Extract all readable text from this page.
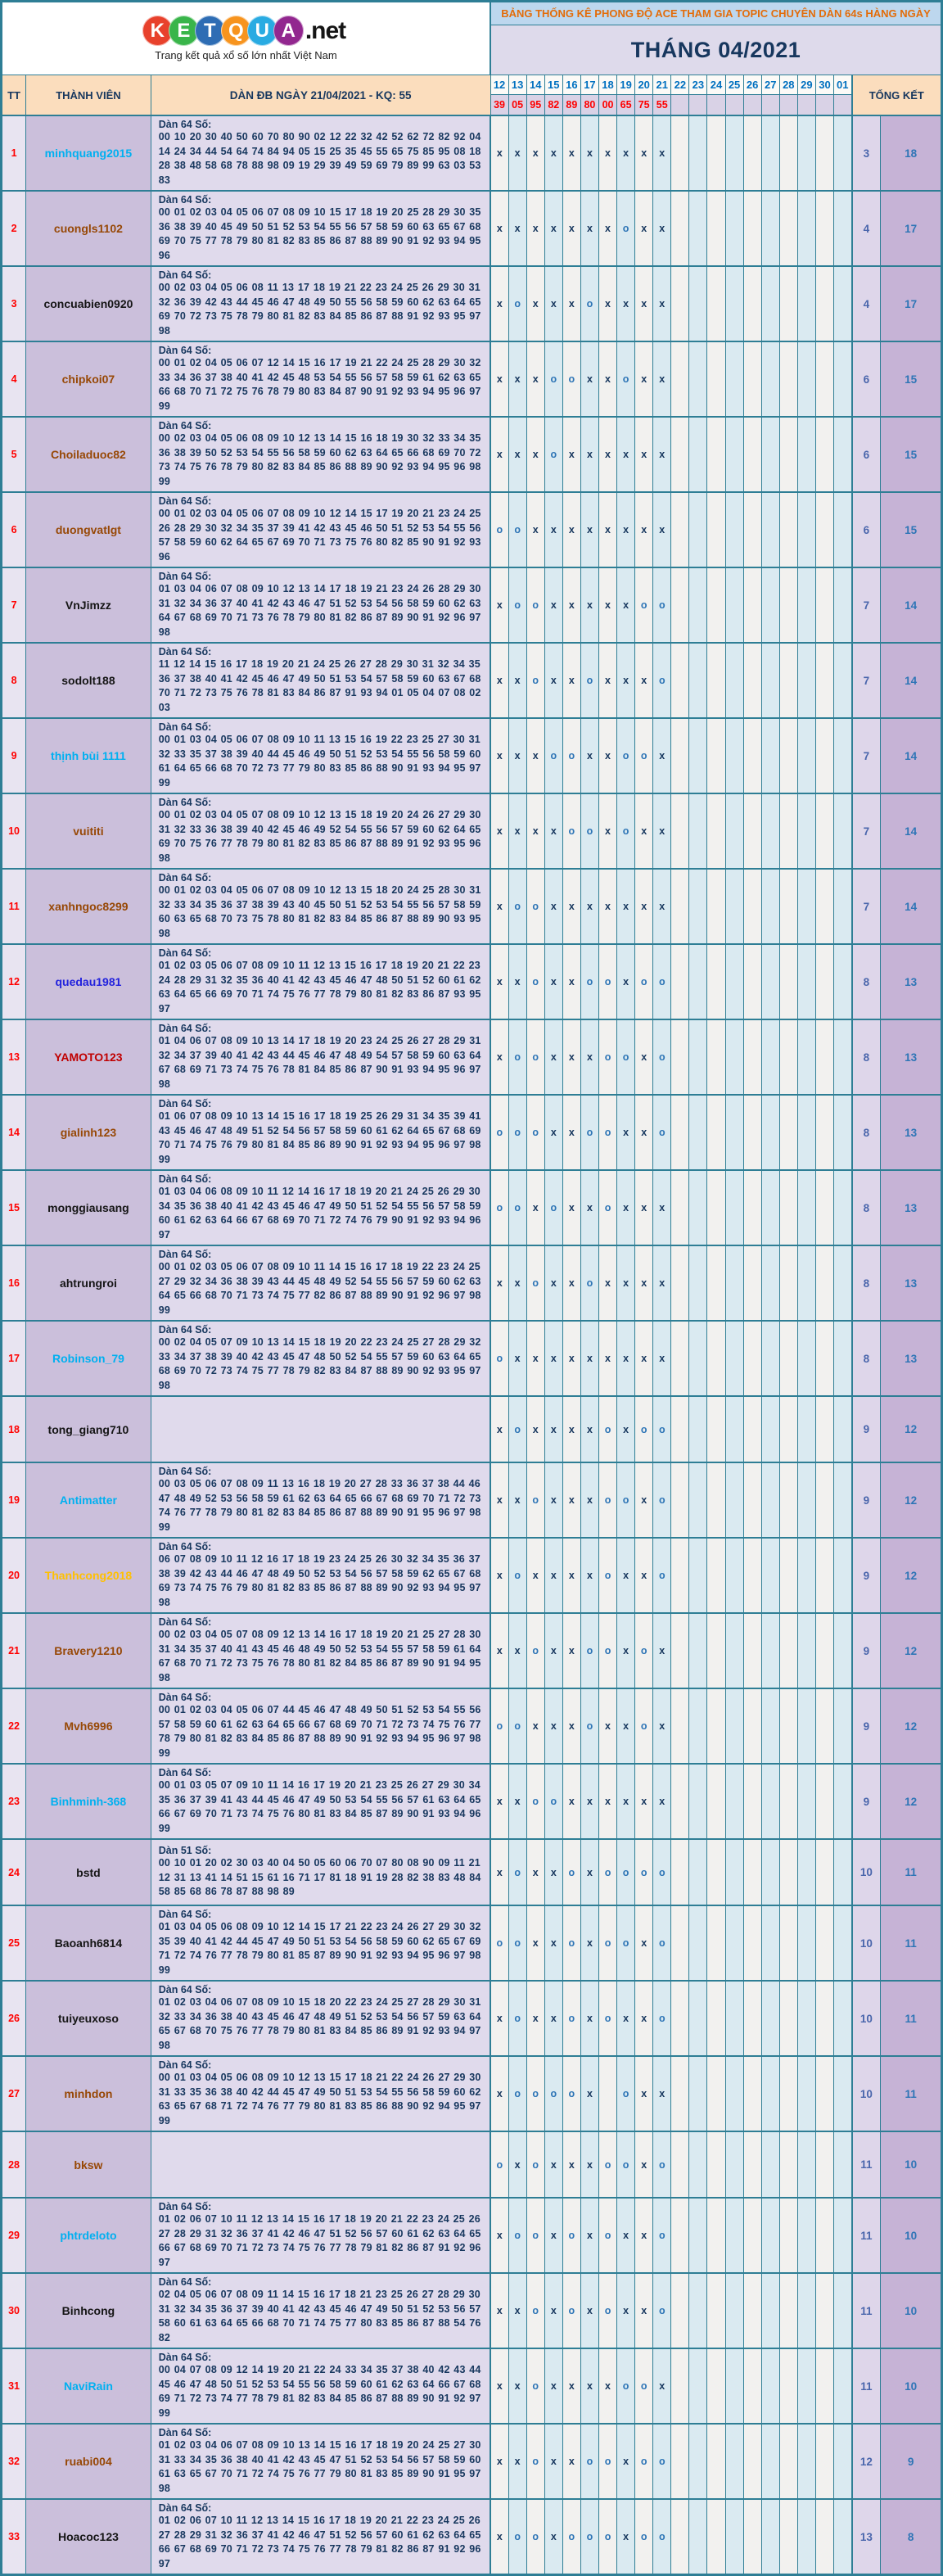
K E T Q U A .net
Trang kết quả xổ số lớn nhất Việt Nam
	BẢNG THỐNG KÊ PHONG ĐỘ ACE THAM GIA TOPIC CHUYÊN DÀN 64s HÀNG NGÀY
			THÁNG 04/2021																					
TT	THÀNH VIÊN	DÀN ĐB NGÀY 21/04/2021 - KQ: 55	12	13	14	15	16	17	18	19	20	21	22	23	24	25	26	27	28	29	30	01	TỔNG KẾT	
			39	05	95	82	89	80	00	65	75	55												
1	minhquang2015	Dàn 64 Số:
00 10 20 30 40 50 60 70 80 90 02 12 22 32 42 52 62 72 82 92 04 14 24 34 44 54 64 74 84 94 05 15 25 35 45 55 65 75 85 95 08 18 28 38 48 58 68 78 88 98 09 19 29 39 49 59 69 79 89 99 63 03 53 83	x	x	x	x	x	x	x	x	x	x											3	18
2	cuongls1102	Dàn 64 Số:
00 01 02 03 04 05 06 07 08 09 10 15 17 18 19 20 25 28 29 30 35 36 38 39 40 45 49 50 51 52 53 54 55 56 57 58 59 60 63 65 67 68 69 70 75 77 78 79 80 81 82 83 85 86 87 88 89 90 91 92 93 94 95 96	x	x	x	x	x	x	x	o	x	x											4	17
3	concuabien0920	Dàn 64 Số:
00 02 03 04 05 06 08 11 13 17 18 19 21 22 23 24 25 26 29 30 31 32 36 39 42 43 44 45 46 47 48 49 50 55 56 58 59 60 62 63 64 65 69 70 72 73 75 78 79 80 81 82 83 84 85 86 87 88 91 92 93 95 97 98	x	o	x	x	x	o	x	x	x	x											4	17
4	chipkoi07	Dàn 64 Số:
00 01 02 04 05 06 07 12 14 15 16 17 19 21 22 24 25 28 29 30 32 33 34 36 37 38 40 41 42 45 48 53 54 55 56 57 58 59 61 62 63 65 66 68 70 71 72 75 76 78 79 80 83 84 87 90 91 92 93 94 95 96 97 99	x	x	x	o	o	x	x	o	x	x											6	15
5	Choiladuoc82	Dàn 64 Số:
00 02 03 04 05 06 08 09 10 12 13 14 15 16 18 19 30 32 33 34 35 36 38 39 50 52 53 54 55 56 58 59 60 62 63 64 65 66 68 69 70 72 73 74 75 76 78 79 80 82 83 84 85 86 88 89 90 92 93 94 95 96 98 99	x	x	x	o	x	x	x	x	x	x											6	15
6	duongvatlgt	Dàn 64 Số:
00 01 02 03 04 05 06 07 08 09 10 12 14 15 17 19 20 21 23 24 25 26 28 29 30 32 34 35 37 39 41 42 43 45 46 50 51 52 53 54 55 56 57 58 59 60 62 64 65 67 69 70 71 73 75 76 80 82 85 90 91 92 93 96	o	o	x	x	x	x	x	x	x	x											6	15
7	VnJimzz	Dàn 64 Số:
01 03 04 06 07 08 09 10 12 13 14 17 18 19 21 23 24 26 28 29 30 31 32 34 36 37 40 41 42 43 46 47 51 52 53 54 56 58 59 60 62 63 64 67 68 69 70 71 73 76 78 79 80 81 82 86 87 89 90 91 92 96 97 98	x	o	o	x	x	x	x	x	o	o											7	14
8	sodolt188	Dàn 64 Số:
11 12 14 15 16 17 18 19 20 21 24 25 26 27 28 29 30 31 32 34 35 36 37 38 40 41 42 45 46 47 49 50 51 53 54 57 58 59 60 63 67 68 70 71 72 73 75 76 78 81 83 84 86 87 91 93 94 01 05 04 07 08 02 03	x	x	o	x	x	o	x	x	x	o											7	14
9	thịnh bùi 1111	Dàn 64 Số:
00 01 03 04 05 06 07 08 09 10 11 13 15 16 19 22 23 25 27 30 31 32 33 35 37 38 39 40 44 45 46 49 50 51 52 53 54 55 56 58 59 60 61 64 65 66 68 70 72 73 77 79 80 83 85 86 88 90 91 93 94 95 97 99	x	x	x	o	o	x	x	o	o	x											7	14
10	vuititi	Dàn 64 Số:
00 01 02 03 04 05 07 08 09 10 12 13 15 18 19 20 24 26 27 29 30 31 32 33 36 38 39 40 42 45 46 49 52 54 55 56 57 59 60 62 64 65 69 70 75 76 77 78 79 80 81 82 83 85 86 87 88 89 91 92 93 95 96 98	x	x	x	x	o	o	x	o	x	x											7	14
11	xanhngoc8299	Dàn 64 Số:
00 01 02 03 04 05 06 07 08 09 10 12 13 15 18 20 24 25 28 30 31 32 33 34 35 36 37 38 39 43 40 45 50 51 52 53 54 55 56 57 58 59 60 63 65 68 70 73 75 78 80 81 82 83 84 85 86 87 88 89 90 93 95 98	x	o	o	x	x	x	x	x	x	x											7	14
12	quedau1981	Dàn 64 Số:
01 02 03 05 06 07 08 09 10 11 12 13 15 16 17 18 19 20 21 22 23 24 28 29 31 32 35 36 40 41 42 43 45 46 47 48 50 51 52 60 61 62 63 64 65 66 69 70 71 74 75 76 77 78 79 80 81 82 83 86 87 93 95 97	x	x	o	x	x	o	o	x	o	o											8	13
13	YAMOTO123	Dàn 64 Số:
01 04 06 07 08 09 10 13 14 17 18 19 20 23 24 25 26 27 28 29 31 32 34 37 39 40 41 42 43 44 45 46 47 48 49 54 57 58 59 60 63 64 67 68 69 71 73 74 75 76 78 81 84 85 86 87 90 91 93 94 95 96 97 98	x	o	o	x	x	x	o	o	x	o											8	13
14	gialinh123	Dàn 64 Số:
01 06 07 08 09 10 13 14 15 16 17 18 19 25 26 29 31 34 35 39 41 43 45 46 47 48 49 51 52 54 56 57 58 59 60 61 62 64 65 67 68 69 70 71 74 75 76 79 80 81 84 85 86 89 90 91 92 93 94 95 96 97 98 99	o	o	o	x	x	o	o	x	x	o											8	13
15	monggiausang	Dàn 64 Số:
01 03 04 06 08 09 10 11 12 14 16 17 18 19 20 21 24 25 26 29 30 34 35 36 38 40 41 42 43 45 46 47 49 50 51 52 54 55 56 57 58 59 60 61 62 63 64 66 67 68 69 70 71 72 74 76 79 90 91 92 93 94 96 97	o	o	x	o	x	x	o	x	x	x											8	13
16	ahtrungroi	Dàn 64 Số:
00 01 02 03 05 06 07 08 09 10 11 14 15 16 17 18 19 22 23 24 25 27 29 32 34 36 38 39 43 44 45 48 49 52 54 55 56 57 59 60 62 63 64 65 66 68 70 71 73 74 75 77 82 86 87 88 89 90 91 92 96 97 98 99	x	x	o	x	x	o	x	x	x	x											8	13
17	Robinson_79	Dàn 64 Số:
00 02 04 05 07 09 10 13 14 15 18 19 20 22 23 24 25 27 28 29 32 33 34 37 38 39 40 42 43 45 47 48 50 52 54 55 57 59 60 63 64 65 68 69 70 72 73 74 75 77 78 79 82 83 84 87 88 89 90 92 93 95 97 98	o	x	x	x	x	x	x	x	x	x											8	13
18	tong_giang710		x	o	x	x	x	x	o	x	o	o											9	12
19	Antimatter	Dàn 64 Số:
00 03 05 06 07 08 09 11 13 16 18 19 20 27 28 33 36 37 38 44 46 47 48 49 52 53 56 58 59 61 62 63 64 65 66 67 68 69 70 71 72 73 74 76 77 78 79 80 81 82 83 84 85 86 87 88 89 90 91 95 96 97 98 99	x	x	o	x	x	x	o	o	x	o											9	12
20	Thanhcong2018	Dàn 64 Số:
06 07 08 09 10 11 12 16 17 18 19 23 24 25 26 30 32 34 35 36 37 38 39 42 43 44 46 47 48 49 50 52 53 54 56 57 58 59 62 65 67 68 69 73 74 75 76 79 80 81 82 83 85 86 87 88 89 90 92 93 94 95 97 98	x	o	x	x	x	x	o	x	x	o											9	12
21	Bravery1210	Dàn 64 Số:
00 02 03 04 05 07 08 09 12 13 14 16 17 18 19 20 21 25 27 28 30 31 34 35 37 40 41 43 45 46 48 49 50 52 53 54 55 57 58 59 61 64 67 68 70 71 72 73 75 76 78 80 81 82 84 85 86 87 89 90 91 94 95 98	x	x	o	x	x	o	o	x	o	x											9	12
22	Mvh6996	Dàn 64 Số:
00 01 02 03 04 05 06 07 44 45 46 47 48 49 50 51 52 53 54 55 56 57 58 59 60 61 62 63 64 65 66 67 68 69 70 71 72 73 74 75 76 77 78 79 80 81 82 83 84 85 86 87 88 89 90 91 92 93 94 95 96 97 98 99	o	o	x	x	x	o	x	x	o	x											9	12
23	Binhminh-368	Dàn 64 Số:
00 01 03 05 07 09 10 11 14 16 17 19 20 21 23 25 26 27 29 30 34 35 36 37 39 41 43 44 45 46 47 49 50 53 54 55 56 57 61 63 64 65 66 67 69 70 71 73 74 75 76 80 81 83 84 85 87 89 90 91 93 94 96 99	x	x	o	o	x	x	x	x	x	x											9	12
24	bstd	Dàn 51 Số:
00 10 01 20 02 30 03 40 04 50 05 60 06 70 07 80 08 90 09 11 21 12 31 13 41 14 51 15 61 16 71 17 81 18 91 19 28 82 38 83 48 84 58 85 68 86 78 87 88 98 89	x	o	x	x	o	x	o	o	o	o											10	11
25	Baoanh6814	Dàn 64 Số:
01 03 04 05 06 08 09 10 12 14 15 17 21 22 23 24 26 27 29 30 32 35 39 40 41 42 44 45 47 49 50 51 53 54 56 58 59 60 62 65 67 69 71 72 74 76 77 78 79 80 81 85 87 89 90 91 92 93 94 95 96 97 98 99	o	o	x	x	o	x	o	o	x	o											10	11
26	tuiyeuxoso	Dàn 64 Số:
01 02 03 04 06 07 08 09 10 15 18 20 22 23 24 25 27 28 29 30 31 32 33 34 36 38 40 43 45 46 47 48 49 51 52 53 54 56 57 59 63 64 65 67 68 70 75 76 77 78 79 80 81 83 84 85 86 89 91 92 93 94 97 98	x	o	x	x	o	x	o	x	x	o											10	11
27	minhdon	Dàn 64 Số:
00 01 03 04 05 06 08 09 10 12 13 15 17 18 21 22 24 26 27 29 30 31 33 35 36 38 40 42 44 45 47 49 50 51 53 54 55 56 58 59 60 62 63 65 67 68 71 72 74 76 77 79 80 81 83 85 86 88 90 92 94 95 97 99	x	o	o	o	o	x		o	x	x											10	11
28	bksw		o	x	o	x	x	x	o	o	x	o											11	10
29	phtrdeloto	Dàn 64 Số:
01 02 06 07 10 11 12 13 14 15 16 17 18 19 20 21 22 23 24 25 26 27 28 29 31 32 36 37 41 42 46 47 51 52 56 57 60 61 62 63 64 65 66 67 68 69 70 71 72 73 74 75 76 77 78 79 81 82 86 87 91 92 96 97	x	o	o	x	o	x	o	x	x	o											11	10
30	Binhcong	Dàn 64 Số:
02 04 05 06 07 08 09 11 14 15 16 17 18 21 23 25 26 27 28 29 30 31 32 34 35 36 37 39 40 41 42 43 45 46 47 49 50 51 52 53 56 57 58 60 61 63 64 65 66 68 70 71 74 75 77 80 83 85 86 87 88 54 76 82	x	x	o	x	o	x	o	x	x	o											11	10
31	NaviRain	Dàn 64 Số:
00 04 07 08 09 12 14 19 20 21 22 24 33 34 35 37 38 40 42 43 44 45 46 47 48 50 51 52 53 54 55 56 58 59 60 61 62 63 64 66 67 68 69 71 72 73 74 77 78 79 81 82 83 84 85 86 87 88 89 90 91 92 97 99	x	x	o	x	x	x	x	o	o	x											11	10
32	ruabi004	Dàn 64 Số:
01 02 03 04 06 07 08 09 10 13 14 15 16 17 18 19 20 24 25 27 30 31 33 34 35 36 38 40 41 42 43 45 47 51 52 53 54 56 57 58 59 60 61 63 65 67 70 71 72 74 75 76 77 79 80 81 83 85 89 90 91 95 97 98	x	x	o	x	x	o	o	x	o	o											12	9
33	Hoacoc123	Dàn 64 Số:
01 02 06 07 10 11 12 13 14 15 16 17 18 19 20 21 22 23 24 25 26 27 28 29 31 32 36 37 41 42 46 47 51 52 56 57 60 61 62 63 64 65 66 67 68 69 70 71 72 73 74 75 76 77 78 79 81 82 86 87 91 92 96 97	x	o	o	x	o	o	o	x	o	o											13	8
